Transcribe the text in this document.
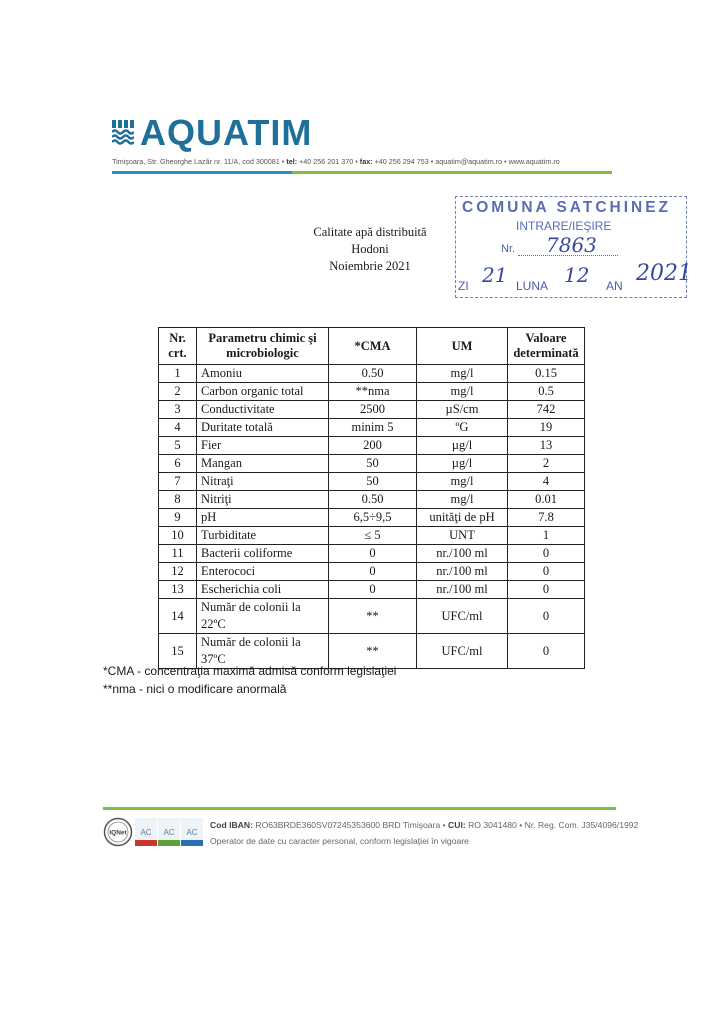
AQUATIM
Timişoara, Str. Gheorghe Lazăr nr. 11/A, cod 300081 • tel: +40 256 201 370 • fax: +40 256 294 753 • aquatim@aquatim.ro • www.aquatim.ro
COMUNA SATCHINEZ
INTRARE/IEŞIRE
Nr. 7863
ZI 21 LUNA 12 AN 2021
Calitate apă distribuită
Hodoni
Noiembrie 2021
Nr. crt.	Parametru chimic şi microbiologic	*CMA	UM	Valoare determinată
1	Amoniu	0.50	mg/l	0.15
2	Carbon organic total	**nma	mg/l	0.5
3	Conductivitate	2500	µS/cm	742
4	Duritate totală	minim 5	ºG	19
5	Fier	200	µg/l	13
6	Mangan	50	µg/l	2
7	Nitraţi	50	mg/l	4
8	Nitriţi	0.50	mg/l	0.01
9	pH	6,5÷9,5	unităţi de pH	7.8
10	Turbiditate	≤ 5	UNT	1
11	Bacterii coliforme	0	nr./100 ml	0
12	Enterococi	0	nr./100 ml	0
13	Escherichia coli	0	nr./100 ml	0
14	Număr de colonii la 22ºC	**	UFC/ml	0
15	Număr de colonii la 37ºC	**	UFC/ml	0
*CMA - concentraţia maximă admisă conform legislaţiei
**nma - nici o modificare anormală
IQNet AC AC AC
Cod IBAN: RO63BRDE360SV07245353600 BRD Timişoara • CUI: RO 3041480 • Nr. Reg. Com. J35/4096/1992
Operator de date cu caracter personal, conform legislaţiei în vigoare
